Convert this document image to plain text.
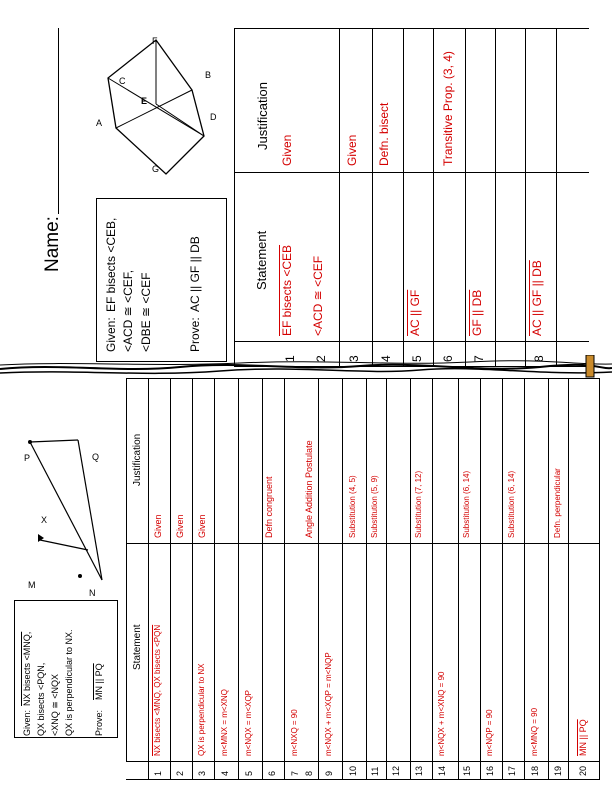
Name:
F
C
B
E
A
D
G
Given:
EF bisects <CEB, <ACD ≅ <CEF, <DBE ≅ <CEF	Prove:
AC || GF || DB
Justification
Statement
1
EF bisects <CEB
Given
2
<ACD ≅ <CEF
3
Given
4
Defn. bisect
5
AC || GF
6
Transitive Prop. (3, 4)
7
GF || DB
8
AC || GF || DB
Given:
NX bisects <MNQ, QX bisects <PQN, <XNQ ≅ <NQX QX is perpendicular to NX. Prove:
MN || PQ
P	Q
X
M
N
Justification
Statement
1
NX bisects <MNQ, QX bisects <PQN
Given
2
Given
3
QX is perpendicular to NX
Given
4
m<MNX = m<XNQ
5
m<NQX = m<XQP
6
Defn congruent
7
m<NXQ = 90
8
Angle Addition Postulate
9
m<NQX + m<XQP = m<NQP
10
Substitution (4, 5)
11
Substitution (5, 9)
12 13
Substitution (7, 12)
14
m<NQX + m<XNQ = 90
15
Substitution (6, 14)
16
m<NQP = 90
17
Substitution (6, 14)
18
m<MNQ = 90
19
Defn. perpendicular
20
MN || PQ
